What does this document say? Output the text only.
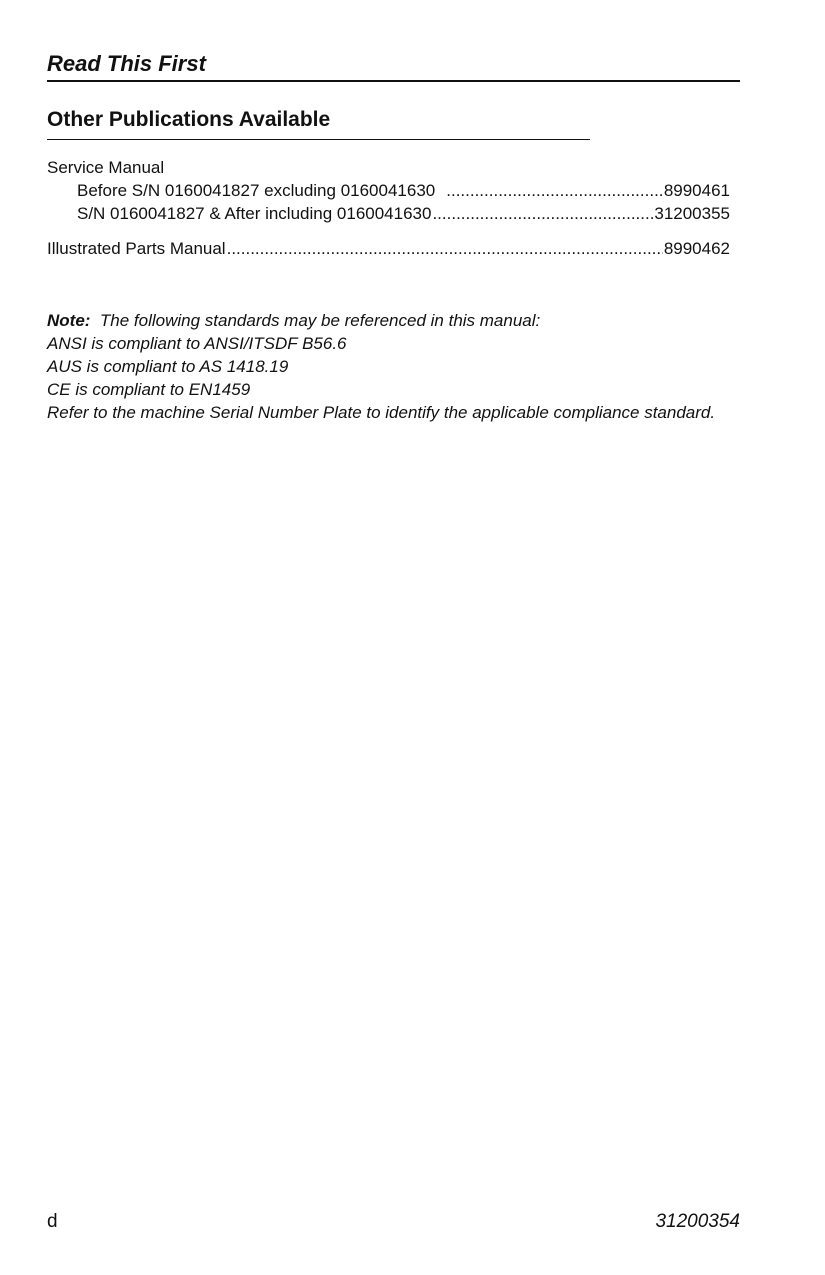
Read This First
Other Publications Available
Service Manual
Before S/N 0160041827 excluding 0160041630 .....	8990461
S/N 0160041827 & After including 0160041630 .....	31200355
Illustrated Parts Manual .....	8990462
Note: The following standards may be referenced in this manual:
ANSI is compliant to ANSI/ITSDF B56.6
AUS is compliant to AS 1418.19
CE is compliant to EN1459
Refer to the machine Serial Number Plate to identify the applicable compliance standard.
d	31200354
